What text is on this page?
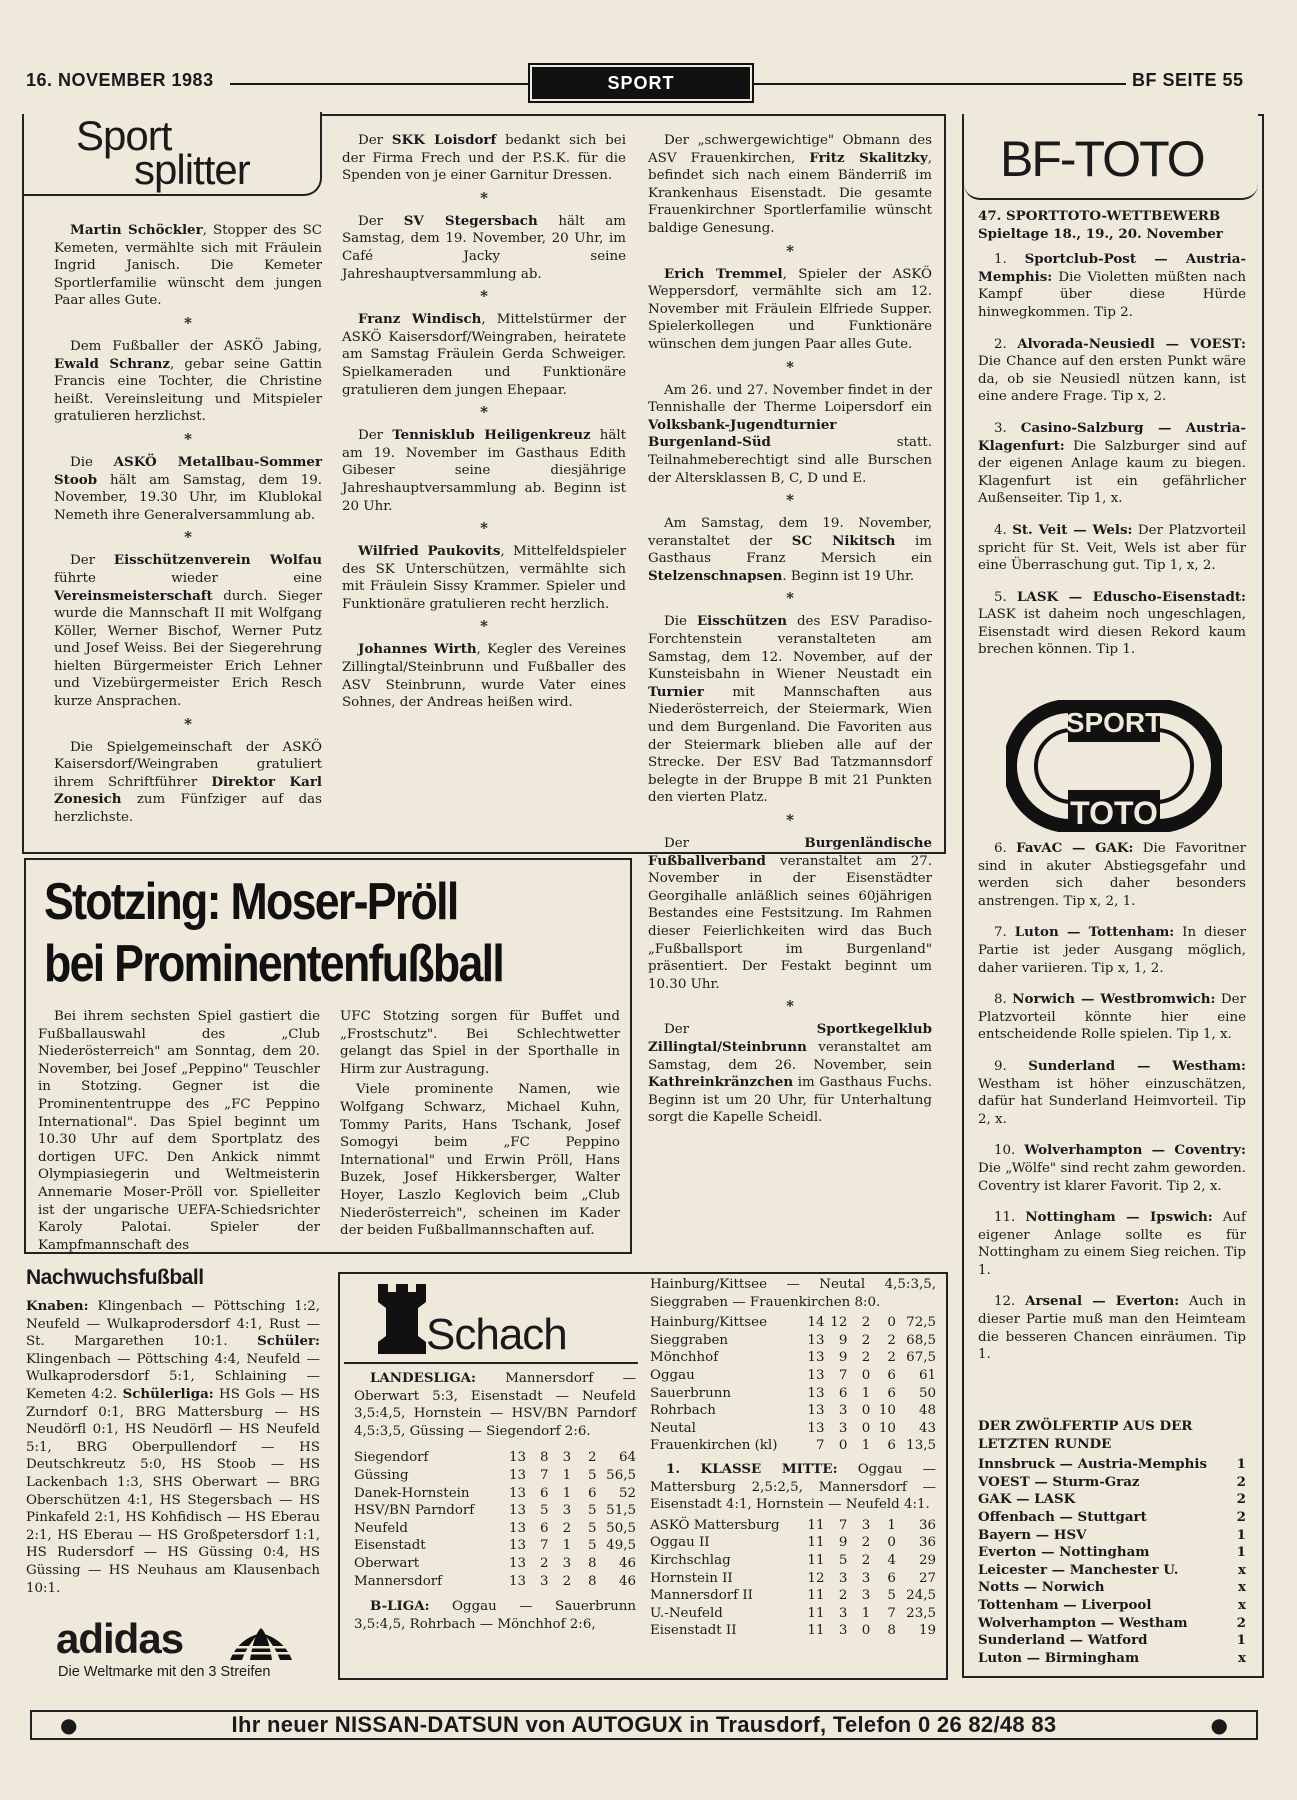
16. NOVEMBER 1983	SPORT	BF SEITE 55
Sport
splitter

Martin Schöckler, Stopper des SC Kemeten, vermählte sich mit Fräulein Ingrid Janisch. Die Kemeter Sportlerfamilie wünscht dem jungen Paar alles Gute.

*

Dem Fußballer der ASKÖ Jabing, Ewald Schranz, gebar seine Gattin Francis eine Tochter, die Christine heißt. Vereinsleitung und Mitspieler gratulieren herzlichst.

*

Die ASKÖ Metallbau-Sommer Stoob hält am Samstag, dem 19. November, 19.30 Uhr, im Klublokal Nemeth ihre Generalversammlung ab.

*

Der Eisschützenverein Wolfau führte wieder eine Vereinsmeisterschaft durch. Sieger wurde die Mannschaft II mit Wolfgang Köller, Werner Bischof, Werner Putz und Josef Weiss. Bei der Siegerehrung hielten Bürgermeister Erich Lehner und Vizebürgermeister Erich Resch kurze Ansprachen.

*

Die Spielgemeinschaft der ASKÖ Kaisersdorf/Weingraben gratuliert ihrem Schriftführer Direktor Karl Zonesich zum Fünfziger auf das herzlichste.

Der SKK Loisdorf bedankt sich bei der Firma Frech und der P.S.K. für die Spenden von je einer Garnitur Dressen.

*

Der SV Stegersbach hält am Samstag, dem 19. November, 20 Uhr, im Café Jacky seine Jahreshauptversammlung ab.

*

Franz Windisch, Mittelstürmer der ASKÖ Kaisersdorf/Weingraben, heiratete am Samstag Fräulein Gerda Schweiger. Spielkameraden und Funktionäre gratulieren dem jungen Ehepaar.

*

Der Tennisklub Heiligenkreuz hält am 19. November im Gasthaus Edith Gibeser seine diesjährige Jahreshauptversammlung ab. Beginn ist 20 Uhr.

*

Wilfried Paukovits, Mittelfeldspieler des SK Unterschützen, vermählte sich mit Fräulein Sissy Krammer. Spieler und Funktionäre gratulieren recht herzlich.

*

Johannes Wirth, Kegler des Vereines Zillingtal/Steinbrunn und Fußballer des ASV Steinbrunn, wurde Vater eines Sohnes, der Andreas heißen wird.

Der „schwergewichtige" Obmann des ASV Frauenkirchen, Fritz Skalitzky, befindet sich nach einem Bänderriß im Krankenhaus Eisenstadt. Die gesamte Frauenkirchner Sportlerfamilie wünscht baldige Genesung.

*

Erich Tremmel, Spieler der ASKÖ Weppersdorf, vermählte sich am 12. November mit Fräulein Elfriede Supper. Spielerkollegen und Funktionäre wünschen dem jungen Paar alles Gute.

*

Am 26. und 27. November findet in der Tennishalle der Therme Loipersdorf ein Volksbank-Jugendturnier Burgenland-Süd statt. Teilnahmeberechtigt sind alle Burschen der Altersklassen B, C, D und E.

*

Am Samstag, dem 19. November, veranstaltet der SC Nikitsch im Gasthaus Franz Mersich ein Stelzenschnapsen. Beginn ist 19 Uhr.

*

Die Eisschützen des ESV Paradiso-Forchtenstein veranstalteten am Samstag, dem 12. November, auf der Kunsteisbahn in Wiener Neustadt ein Turnier mit Mannschaften aus Niederösterreich, der Steiermark, Wien und dem Burgenland. Die Favoriten aus der Steiermark blieben alle auf der Strecke. Der ESV Bad Tatzmannsdorf belegte in der Bruppe B mit 21 Punkten den vierten Platz.

*

Der Burgenländische Fußballverband veranstaltet am 27. November in der Eisenstädter Georgihalle anläßlich seines 60jährigen Bestandes eine Festsitzung. Im Rahmen dieser Feierlichkeiten wird das Buch „Fußballsport im Burgenland" präsentiert. Der Festakt beginnt um 10.30 Uhr.

*

Der Sportkegelklub Zillingtal/Steinbrunn veranstaltet am Samstag, dem 26. November, sein Kathreinkränzchen im Gasthaus Fuchs. Beginn ist um 20 Uhr, für Unterhaltung sorgt die Kapelle Scheidl.

Stotzing: Moser-Pröll
bei Prominentenfußball

Bei ihrem sechsten Spiel gastiert die Fußballauswahl des „Club Niederösterreich" am Sonntag, dem 20. November, bei Josef „Peppino" Teuschler in Stotzing. Gegner ist die Prominententruppe des „FC Peppino International". Das Spiel beginnt um 10.30 Uhr auf dem Sportplatz des dortigen UFC. Den Ankick nimmt Olympiasiegerin und Weltmeisterin Annemarie Moser-Pröll vor. Spielleiter ist der ungarische UEFA-Schiedsrichter Karoly Palotai. Spieler der Kampfmannschaft des

UFC Stotzing sorgen für Buffet und „Frostschutz". Bei Schlechtwetter gelangt das Spiel in der Sporthalle in Hirm zur Austragung.

Viele prominente Namen, wie Wolfgang Schwarz, Michael Kuhn, Tommy Parits, Hans Tschank, Josef Somogyi beim „FC Peppino International" und Erwin Pröll, Hans Buzek, Josef Hikkersberger, Walter Hoyer, Laszlo Keglovich beim „Club Niederösterreich", scheinen im Kader der beiden Fußballmannschaften auf.

Nachwuchsfußball

Knaben: Klingenbach — Pöttsching 1:2, Neufeld — Wulkaprodersdorf 4:1, Rust — St. Margarethen 10:1. Schüler: Klingenbach — Pöttsching 4:4, Neufeld — Wulkaprodersdorf 5:1, Schlaining — Kemeten 4:2. Schülerliga: HS Gols — HS Zurndorf 0:1, BRG Mattersburg — HS Neudörfl 0:1, HS Neudörfl — HS Neufeld 5:1, BRG Oberpullendorf — HS Deutschkreutz 5:0, HS Stoob — HS Lackenbach 1:3, SHS Oberwart — BRG Oberschützen 4:1, HS Stegersbach — HS Pinkafeld 2:1, HS Kohfidisch — HS Eberau 2:1, HS Eberau — HS Großpetersdorf 1:1, HS Rudersdorf — HS Güssing 0:4, HS Güssing — HS Neuhaus am Klausenbach 10:1.

adidas
Die Weltmarke mit den 3 Streifen
Schach

LANDESLIGA: Mannersdorf — Oberwart 5:3, Eisenstadt — Neufeld 3,5:4,5, Hornstein — HSV/BN Parndorf 4,5:3,5, Güssing — Siegendorf 2:6.

Siegendorf	13	8	3	2	64
Güssing	13	7	1	5	56,5
Danek-Hornstein	13	6	1	6	52
HSV/BN Parndorf	13	5	3	5	51,5
Neufeld	13	6	2	5	50,5
Eisenstadt	13	7	1	5	49,5
Oberwart	13	2	3	8	46
Mannersdorf	13	3	2	8	46

B-LIGA: Oggau — Sauerbrunn 3,5:4,5, Rohrbach — Mönchhof 2:6,

Hainburg/Kittsee — Neutal 4,5:3,5, Sieggraben — Frauenkirchen 8:0.

Hainburg/Kittsee	14	12	2	0	72,5
Sieggraben	13	9	2	2	68,5
Mönchhof	13	9	2	2	67,5
Oggau	13	7	0	6	61
Sauerbrunn	13	6	1	6	50
Rohrbach	13	3	0	10	48
Neutal	13	3	0	10	43
Frauenkirchen (kl)	7	0	1	6	13,5

1. KLASSE MITTE: Oggau — Mattersburg 2,5:2,5, Mannersdorf — Eisenstadt 4:1, Hornstein — Neufeld 4:1.

ASKÖ Mattersburg	11	7	3	1	36
Oggau II	11	9	2	0	36
Kirchschlag	11	5	2	4	29
Hornstein II	12	3	3	6	27
Mannersdorf II	11	2	3	5	24,5
U.-Neufeld	11	3	1	7	23,5
Eisenstadt II	11	3	0	8	19
BF-TOTO

47. SPORTTOTO-WETTBEWERB
Spieltage 18., 19., 20. November

1. Sportclub-Post — Austria-Memphis: Die Violetten müßten nach Kampf über diese Hürde hinwegkommen. Tip 2.

2. Alvorada-Neusiedl — VOEST: Die Chance auf den ersten Punkt wäre da, ob sie Neusiedl nützen kann, ist eine andere Frage. Tip x, 2.

3. Casino-Salzburg — Austria-Klagenfurt: Die Salzburger sind auf der eigenen Anlage kaum zu biegen. Klagenfurt ist ein gefährlicher Außenseiter. Tip 1, x.

4. St. Veit — Wels: Der Platzvorteil spricht für St. Veit, Wels ist aber für eine Überraschung gut. Tip 1, x, 2.

5. LASK — Eduscho-Eisenstadt: LASK ist daheim noch ungeschlagen, Eisenstadt wird diesen Rekord kaum brechen können. Tip 1.

SPORT
TOTO

6. FavAC — GAK: Die Favoritner sind in akuter Abstiegsgefahr und werden sich daher besonders anstrengen. Tip x, 2, 1.

7. Luton — Tottenham: In dieser Partie ist jeder Ausgang möglich, daher variieren. Tip x, 1, 2.

8. Norwich — Westbromwich: Der Platzvorteil könnte hier eine entscheidende Rolle spielen. Tip 1, x.

9. Sunderland — Westham: Westham ist höher einzuschätzen, dafür hat Sunderland Heimvorteil. Tip 2, x.

10. Wolverhampton — Coventry: Die „Wölfe" sind recht zahm geworden. Coventry ist klarer Favorit. Tip 2, x.

11. Nottingham — Ipswich: Auf eigener Anlage sollte es für Nottingham zu einem Sieg reichen. Tip 1.

12. Arsenal — Everton: Auch in dieser Partie muß man den Heimteam die besseren Chancen einräumen. Tip 1.

DER ZWÖLFERTIP AUS DER LETZTEN RUNDE

Innsbruck — Austria-Memphis	1
VOEST — Sturm-Graz	2
GAK — LASK	2
Offenbach — Stuttgart	2
Bayern — HSV	1
Everton — Nottingham	1
Leicester — Manchester U.	x
Notts — Norwich	x
Tottenham — Liverpool	x
Wolverhampton — Westham	2
Sunderland — Watford	1
Luton — Birmingham	x
●	Ihr neuer NISSAN-DATSUN von AUTOGUX in Trausdorf, Telefon 0 26 82/48 83	●
